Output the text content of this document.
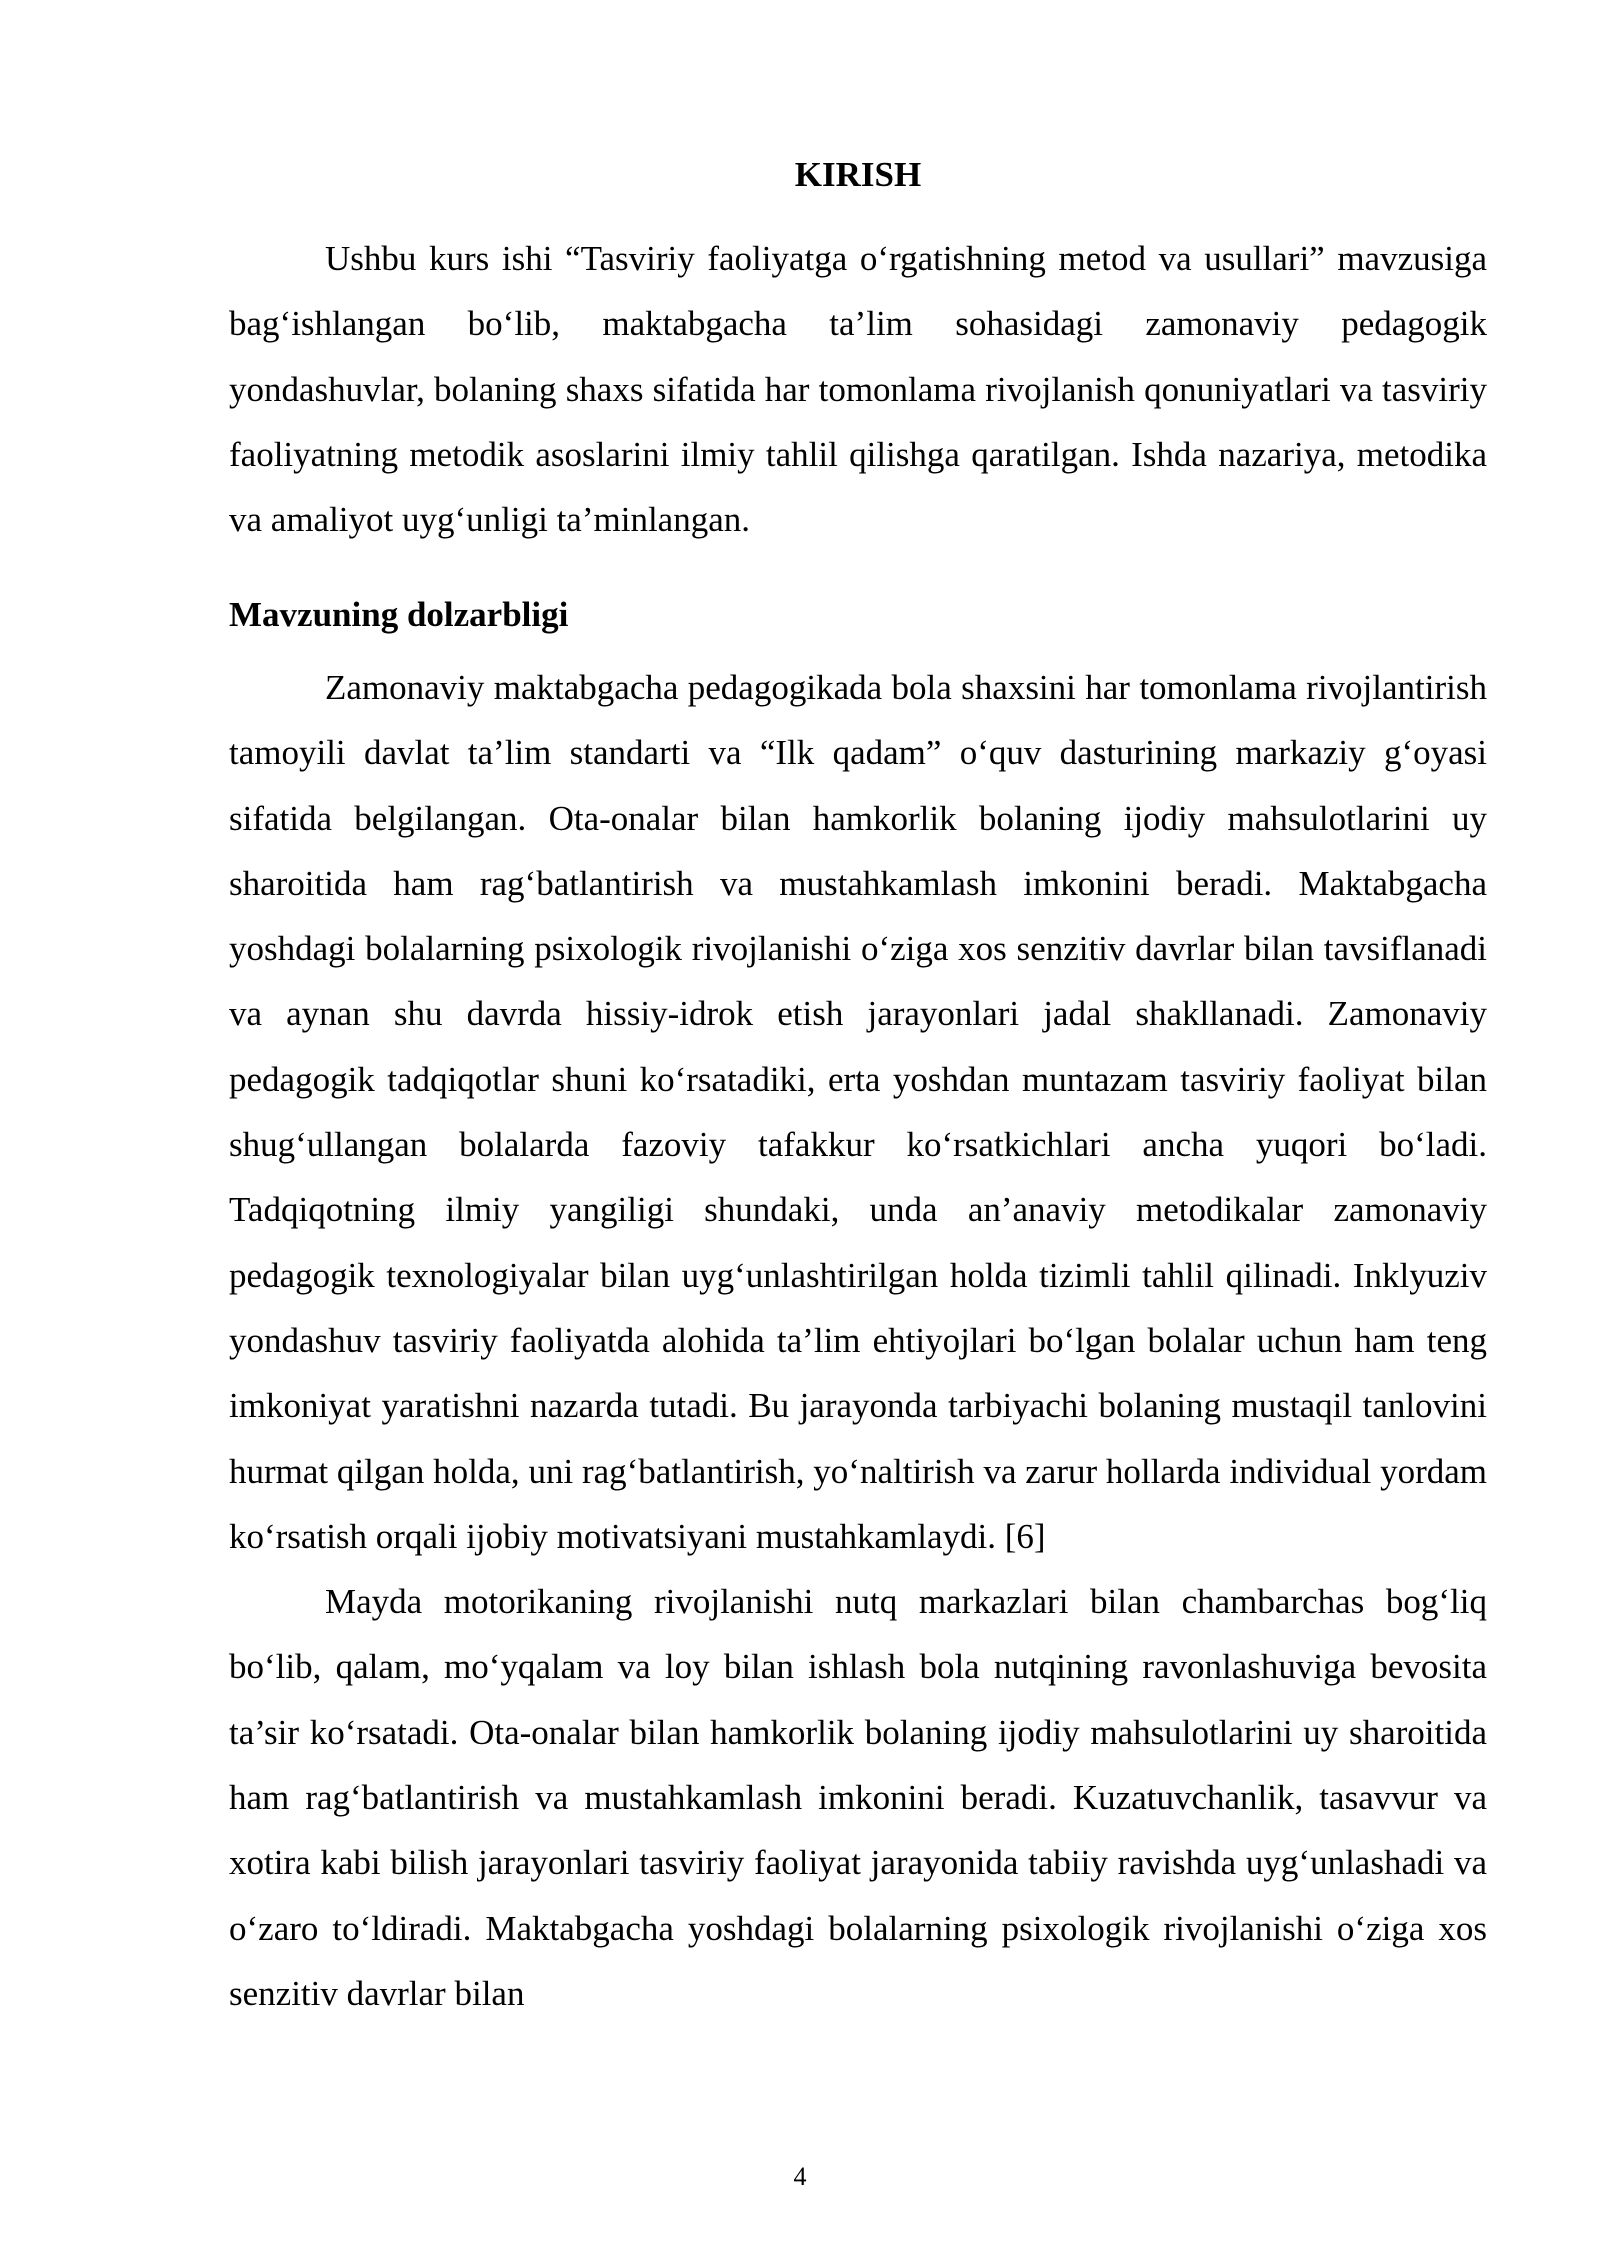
KIRISH

Ushbu kurs ishi “Tasviriy faoliyatga o‘rgatishning metod va usullari” mavzusiga bag‘ishlangan bo‘lib, maktabgacha ta’lim sohasidagi zamonaviy pedagogik yondashuvlar, bolaning shaxs sifatida har tomonlama rivojlanish qonuniyatlari va tasviriy faoliyatning metodik asoslarini ilmiy tahlil qilishga qaratilgan. Ishda nazariya, metodika va amaliyot uyg‘unligi ta’minlangan.

Mavzuning dolzarbligi

Zamonaviy maktabgacha pedagogikada bola shaxsini har tomonlama rivojlantirish tamoyili davlat ta’lim standarti va “Ilk qadam” o‘quv dasturining markaziy g‘oyasi sifatida belgilangan. Ota-onalar bilan hamkorlik bolaning ijodiy mahsulotlarini uy sharoitida ham rag‘batlantirish va mustahkamlash imkonini beradi. Maktabgacha yoshdagi bolalarning psixologik rivojlanishi o‘ziga xos senzitiv davrlar bilan tavsiflanadi va aynan shu davrda hissiy-idrok etish jarayonlari jadal shakllanadi. Zamonaviy pedagogik tadqiqotlar shuni ko‘rsatadiki, erta yoshdan muntazam tasviriy faoliyat bilan shug‘ullangan bolalarda fazoviy tafakkur ko‘rsatkichlari ancha yuqori bo‘ladi. Tadqiqotning ilmiy yangiligi shundaki, unda an’anaviy metodikalar zamonaviy pedagogik texnologiyalar bilan uyg‘unlashtirilgan holda tizimli tahlil qilinadi. Inklyuziv yondashuv tasviriy faoliyatda alohida ta’lim ehtiyojlari bo‘lgan bolalar uchun ham teng imkoniyat yaratishni nazarda tutadi. Bu jarayonda tarbiyachi bolaning mustaqil tanlovini hurmat qilgan holda, uni rag‘batlantirish, yo‘naltirish va zarur hollarda individual yordam ko‘rsatish orqali ijobiy motivatsiyani mustahkamlaydi. [6]

Mayda motorikaning rivojlanishi nutq markazlari bilan chambarchas bog‘liq bo‘lib, qalam, mo‘yqalam va loy bilan ishlash bola nutqining ravonlashuviga bevosita ta’sir ko‘rsatadi. Ota-onalar bilan hamkorlik bolaning ijodiy mahsulotlarini uy sharoitida ham rag‘batlantirish va mustahkamlash imkonini beradi. Kuzatuvchanlik, tasavvur va xotira kabi bilish jarayonlari tasviriy faoliyat jarayonida tabiiy ravishda uyg‘unlashadi va o‘zaro to‘ldiradi. Maktabgacha yoshdagi bolalarning psixologik rivojlanishi o‘ziga xos senzitiv davrlar bilan

4
